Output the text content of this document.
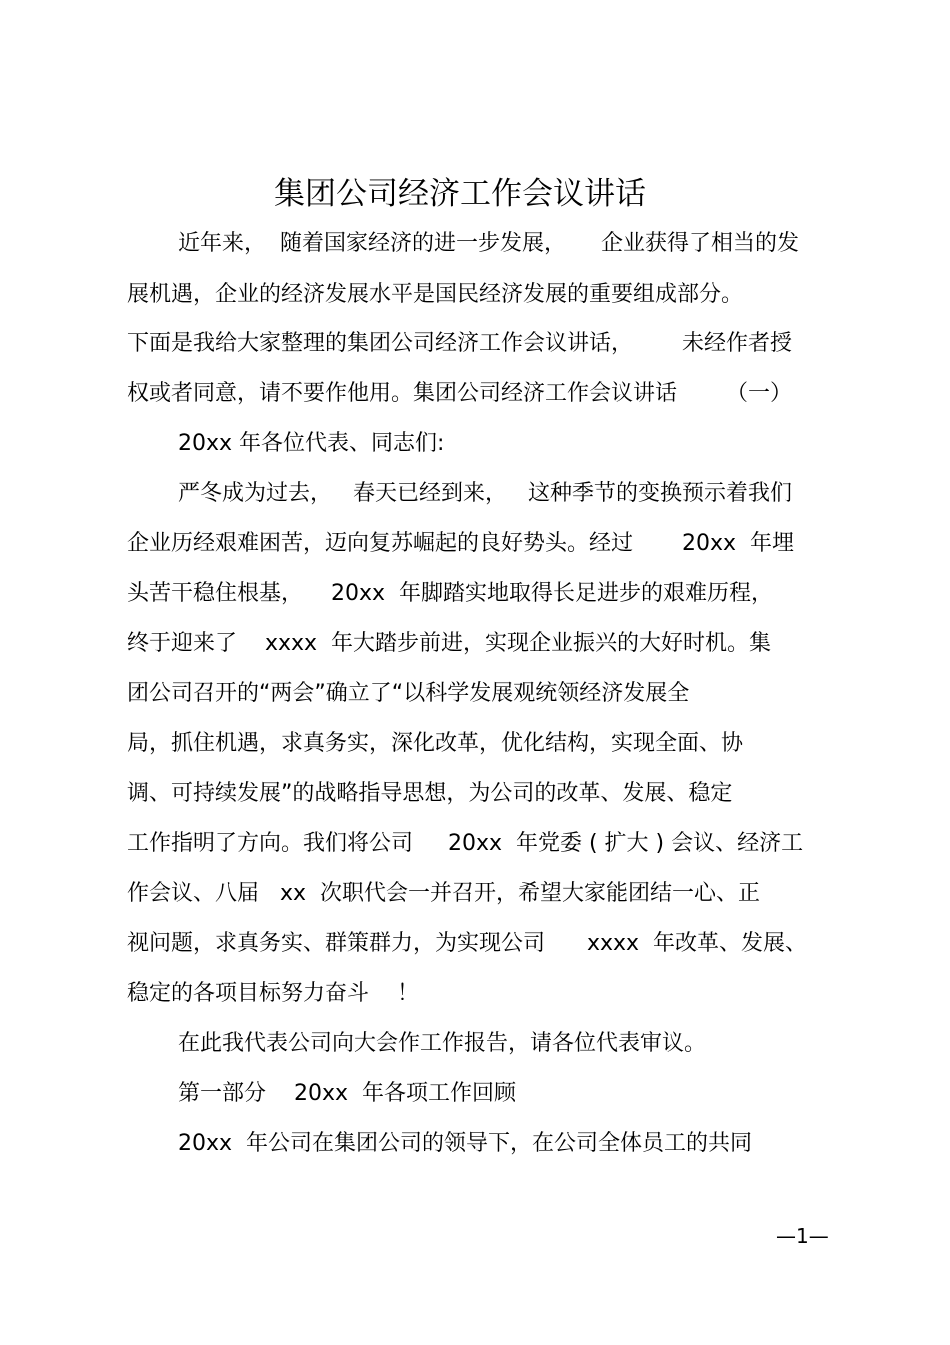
集团公司经济工作会议讲话
近年来，  随着国家经济的进一步发展，     企业获得了相当的发
展机遇，企业的经济发展水平是国民经济发展的重要组成部分。
下面是我给大家整理的集团公司经济工作会议讲话，       未经作者授
权或者同意，请不要作他用。集团公司经济工作会议讲话       （一）
20xx 年各位代表、同志们:
严冬成为过去，   春天已经到来，   这种季节的变换预示着我们
企业历经艰难困苦，迈向复苏崛起的良好势头。经过       20xx  年埋
头苦干稳住根基，    20xx  年脚踏实地取得长足进步的艰难历程，
终于迎来了    xxxx  年大踏步前进，实现企业振兴的大好时机。集
团公司召开的“两会”确立了“以科学发展观统领经济发展全
局，抓住机遇，求真务实，深化改革，优化结构，实现全面、协
调、可持续发展”的战略指导思想，为公司的改革、发展、稳定
工作指明了方向。我们将公司     20xx  年党委 ( 扩大 ) 会议、经济工
作会议、八届   xx  次职代会一并召开，希望大家能团结一心、正
视问题，求真务实、群策群力，为实现公司      xxxx  年改革、发展、
稳定的各项目标努力奋斗    ！
在此我代表公司向大会作工作报告，请各位代表审议。
第一部分    20xx  年各项工作回顾
20xx  年公司在集团公司的领导下，在公司全体员工的共同
—1—
